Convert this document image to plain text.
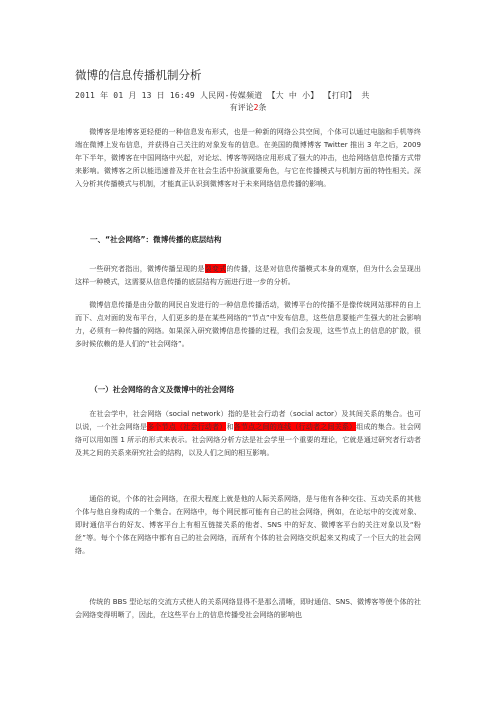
微博的信息传播机制分析
2011 年 01 月 13 日 16:49 人民网-传媒频道 【大 中 小】 【打印】 共
有评论2条
微博客是地博客更轻便的一种信息发布形式，也是一种新的网络公共空间，个体可以通过电脑和手机等终端在微博上发布信息，并获得自己关注的对象发布的信息。在美国的微博博客 Twitter 推出 3 年之后，2009 年下半年，微博客在中国网络中兴起，对论坛、博客等网络应用形成了强大的冲击，也给网络信息传播方式带来影响。微博客之所以能迅速普及并在社会生活中扮演重要角色，与它在传播模式与机制方面的特性相关。深入分析其传播模式与机制，才能真正认识到微博客对于未来网络信息传播的影响。
一、“社会网络”：微博传播的底层结构
一些研究者指出，微博传播呈现的是裂变式的传播，这是对信息传播模式本身的观察，但为什么会呈现出这样一种模式，这需要从信息传播的底层结构方面进行进一步的分析。
微博信息传播是由分散的网民自发进行的一种信息传播活动，微博平台的传播不是像传统网站那样的自上而下、点对面的发布平台，人们更多的是在某些网络的“节点”中发布信息，这些信息要能产生强大的社会影响力，必须有一种传播的网络。如果深入研究微博信息传播的过程，我们会发现，这些节点上的信息的扩散，很多时候依赖的是人们的“社会网络”。
（一）社会网络的含义及微博中的社会网络
在社会学中，社会网络（social network）指的是社会行动者（social actor）及其间关系的集合。也可以说，一个社会网络是多个节点（社会行动者）和各节点之间的连线（行动者之间关系）组成的集合。社会网络可以用如图 1 所示的形式来表示。社会网络分析方法是社会学里一个重要的理论，它就是通过研究者行动者及其之间的关系来研究社会的结构，以及人们之间的相互影响。
通俗的说，个体的社会网络，在很大程度上就是他的人际关系网络，是与他有各种交往、互动关系的其他个体与他自身构成的一个集合。在网络中，每个网民都可能有自己的社会网络，例如，在论坛中的交流对象、即时通信平台的好友、博客平台上有相互链接关系的他者、SNS 中的好友、微博客平台的关注对象以及“粉丝”等。每个个体在网络中都有自己的社会网络，而所有个体的社会网络交织起来又构成了一个巨大的社会网络。
传统的 BBS 型论坛的交流方式使人的关系网络显得不是那么清晰，即时通信、SNS、微博客等使个体的社会网络变得明晰了，因此，在这些平台上的信息传播受社会网络的影响也
